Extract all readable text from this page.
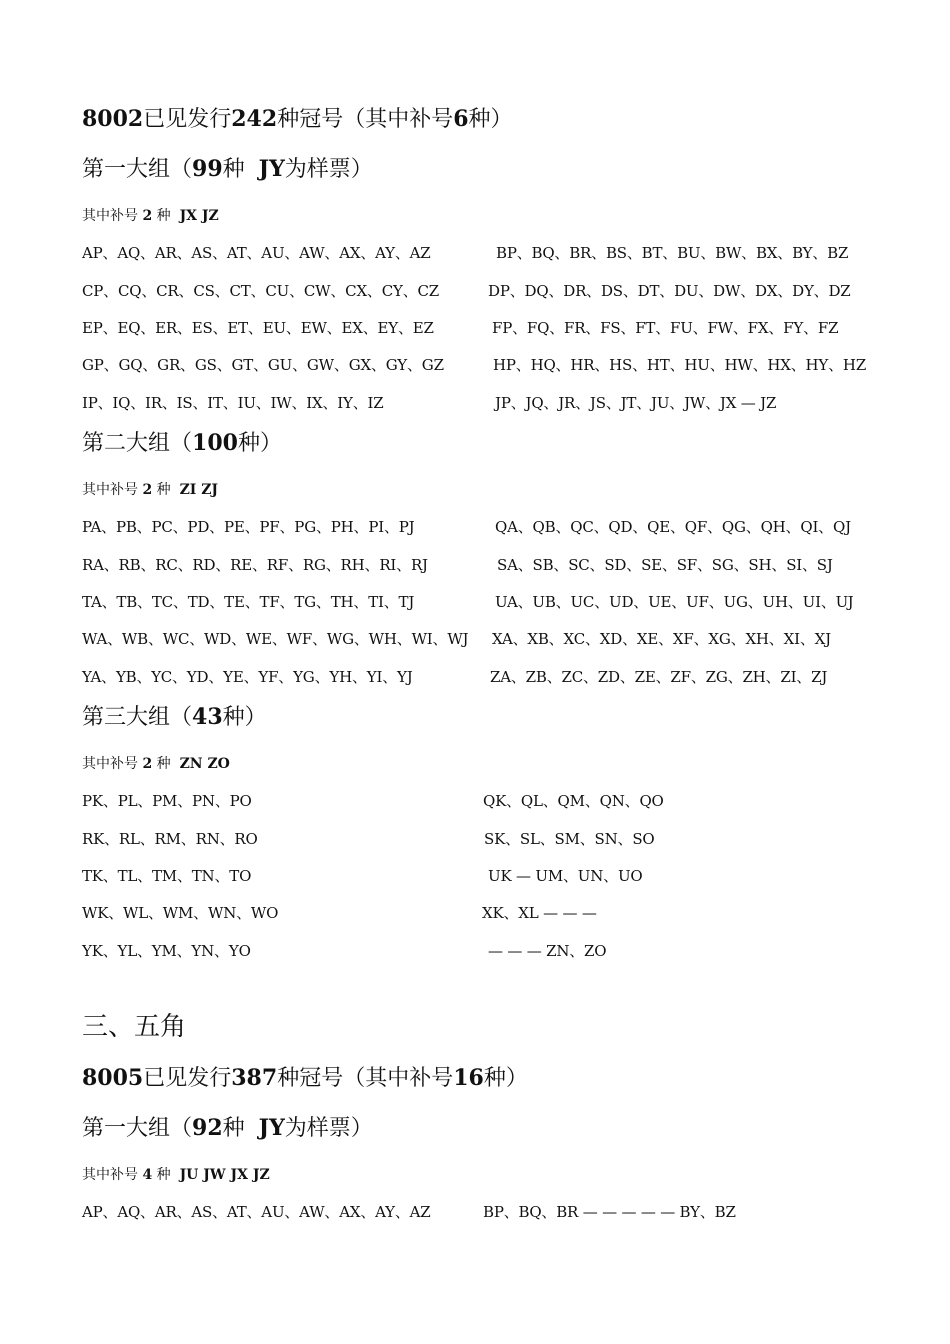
8002已见发行242种冠号（其中补号6种）
第一大组（99种 JY为样票）
其中补号 2 种 JX JZ
AP、AQ、AR、AS、AT、AU、AW、AX、AY、AZ	BP、BQ、BR、BS、BT、BU、BW、BX、BY、BZ
CP、CQ、CR、CS、CT、CU、CW、CX、CY、CZ	DP、DQ、DR、DS、DT、DU、DW、DX、DY、DZ
EP、EQ、ER、ES、ET、EU、EW、EX、EY、EZ	FP、FQ、FR、FS、FT、FU、FW、FX、FY、FZ
GP、GQ、GR、GS、GT、GU、GW、GX、GY、GZ	HP、HQ、HR、HS、HT、HU、HW、HX、HY、HZ
IP、IQ、IR、IS、IT、IU、IW、IX、IY、IZ	JP、JQ、JR、JS、JT、JU、JW、JX — JZ
第二大组（100种）
其中补号 2 种 ZI ZJ
PA、PB、PC、PD、PE、PF、PG、PH、PI、PJ	QA、QB、QC、QD、QE、QF、QG、QH、QI、QJ
RA、RB、RC、RD、RE、RF、RG、RH、RI、RJ	SA、SB、SC、SD、SE、SF、SG、SH、SI、SJ
TA、TB、TC、TD、TE、TF、TG、TH、TI、TJ	UA、UB、UC、UD、UE、UF、UG、UH、UI、UJ
WA、WB、WC、WD、WE、WF、WG、WH、WI、WJ XA、XB、XC、XD、XE、XF、XG、XH、XI、XJ
YA、YB、YC、YD、YE、YF、YG、YH、YI、YJ	ZA、ZB、ZC、ZD、ZE、ZF、ZG、ZH、ZI、ZJ
第三大组（43种）
其中补号 2 种 ZN ZO
PK、PL、PM、PN、PO	QK、QL、QM、QN、QO
RK、RL、RM、RN、RO	SK、SL、SM、SN、SO
TK、TL、TM、TN、TO	UK — UM、UN、UO
WK、WL、WM、WN、WO	XK、XL — — —
YK、YL、YM、YN、YO	— — — ZN、ZO
三、五角
8005已见发行387种冠号（其中补号16种）
第一大组（92种 JY为样票）
其中补号 4 种 JU JW JX JZ
AP、AQ、AR、AS、AT、AU、AW、AX、AY、AZ	BP、BQ、BR — — — — — BY、BZ
